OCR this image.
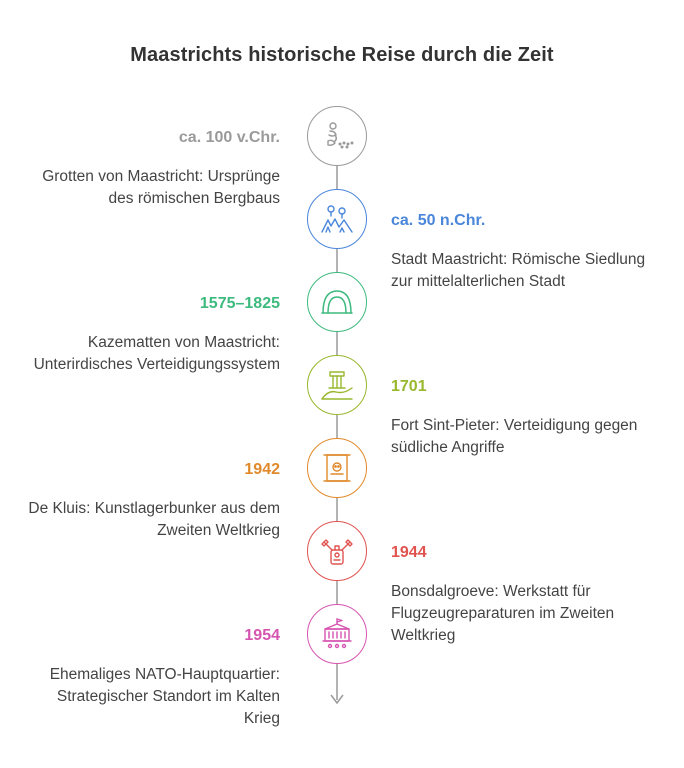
Maastrichts historische Reise durch die Zeit
ca. 100 v.Chr.
Grotten von Maastricht: Ursprünge des römischen Bergbaus
ca. 50 n.Chr.
Stadt Maastricht: Römische Siedlung zur mittelalterlichen Stadt
1575–1825
Kazematten von Maastricht: Unterirdisches Verteidigungssystem
1701
Fort Sint-Pieter: Verteidigung gegen südliche Angriffe
1942
De Kluis: Kunstlagerbunker aus dem Zweiten Weltkrieg
1944
Bonsdalgroeve: Werkstatt für Flugzeugreparaturen im Zweiten Weltkrieg
1954
Ehemaliges NATO-Hauptquartier: Strategischer Standort im Kalten Krieg
